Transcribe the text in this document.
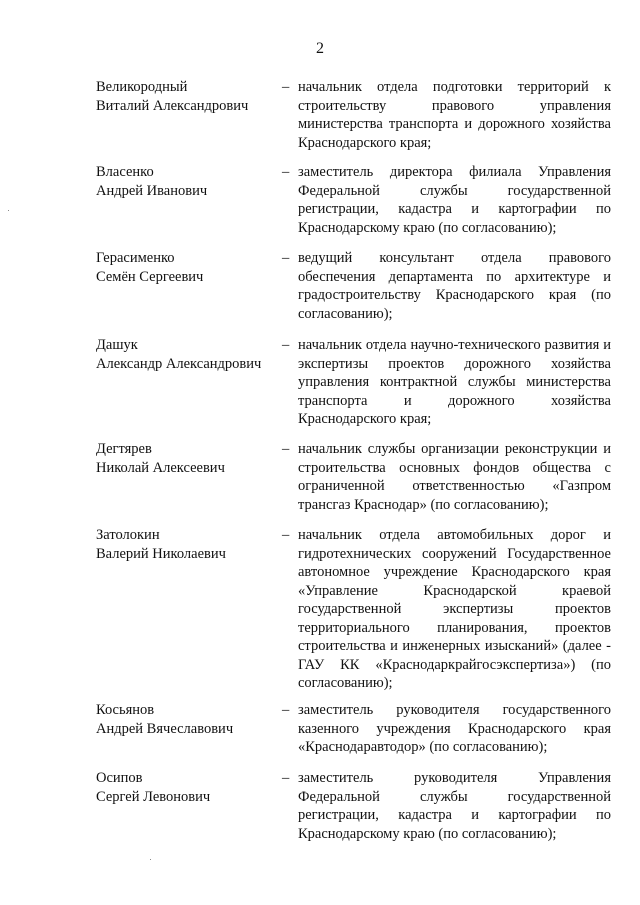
2
Великородный
Виталий Александрович
– начальник отдела подготовки территорий к строительству правового управления министерства транспорта и дорожного хозяйства Краснодарского края;
Власенко
Андрей Иванович
– заместитель директора филиала Управления Федеральной службы государственной регистрации, кадастра и картографии по Краснодарскому краю (по согласованию);
Герасименко
Семён Сергеевич
– ведущий консультант отдела правового обеспечения департамента по архитектуре и градостроительству Краснодарского края (по согласованию);
Дашук
Александр Александрович
– начальник отдела научно-технического развития и экспертизы проектов дорожного хозяйства управления контрактной службы министерства транспорта и дорожного хозяйства Краснодарского края;
Дегтярев
Николай Алексеевич
– начальник службы организации реконструкции и строительства основных фондов общества с ограниченной ответственностью «Газпром трансгаз Краснодар» (по согласованию);
Затолокин
Валерий Николаевич
– начальник отдела автомобильных дорог и гидротехнических сооружений Государственное автономное учреждение Краснодарского края «Управление Краснодарской краевой государственной экспертизы проектов территориального планирования, проектов строительства и инженерных изысканий» (далее - ГАУ КК «Краснодаркрайгосэкспертиза») (по согласованию);
Косьянов
Андрей Вячеславович
– заместитель руководителя государственного казенного учреждения Краснодарского края «Краснодаравтодор» (по согласованию);
Осипов
Сергей Левонович
– заместитель руководителя Управления Федеральной службы государственной регистрации, кадастра и картографии по Краснодарскому краю (по согласованию);
